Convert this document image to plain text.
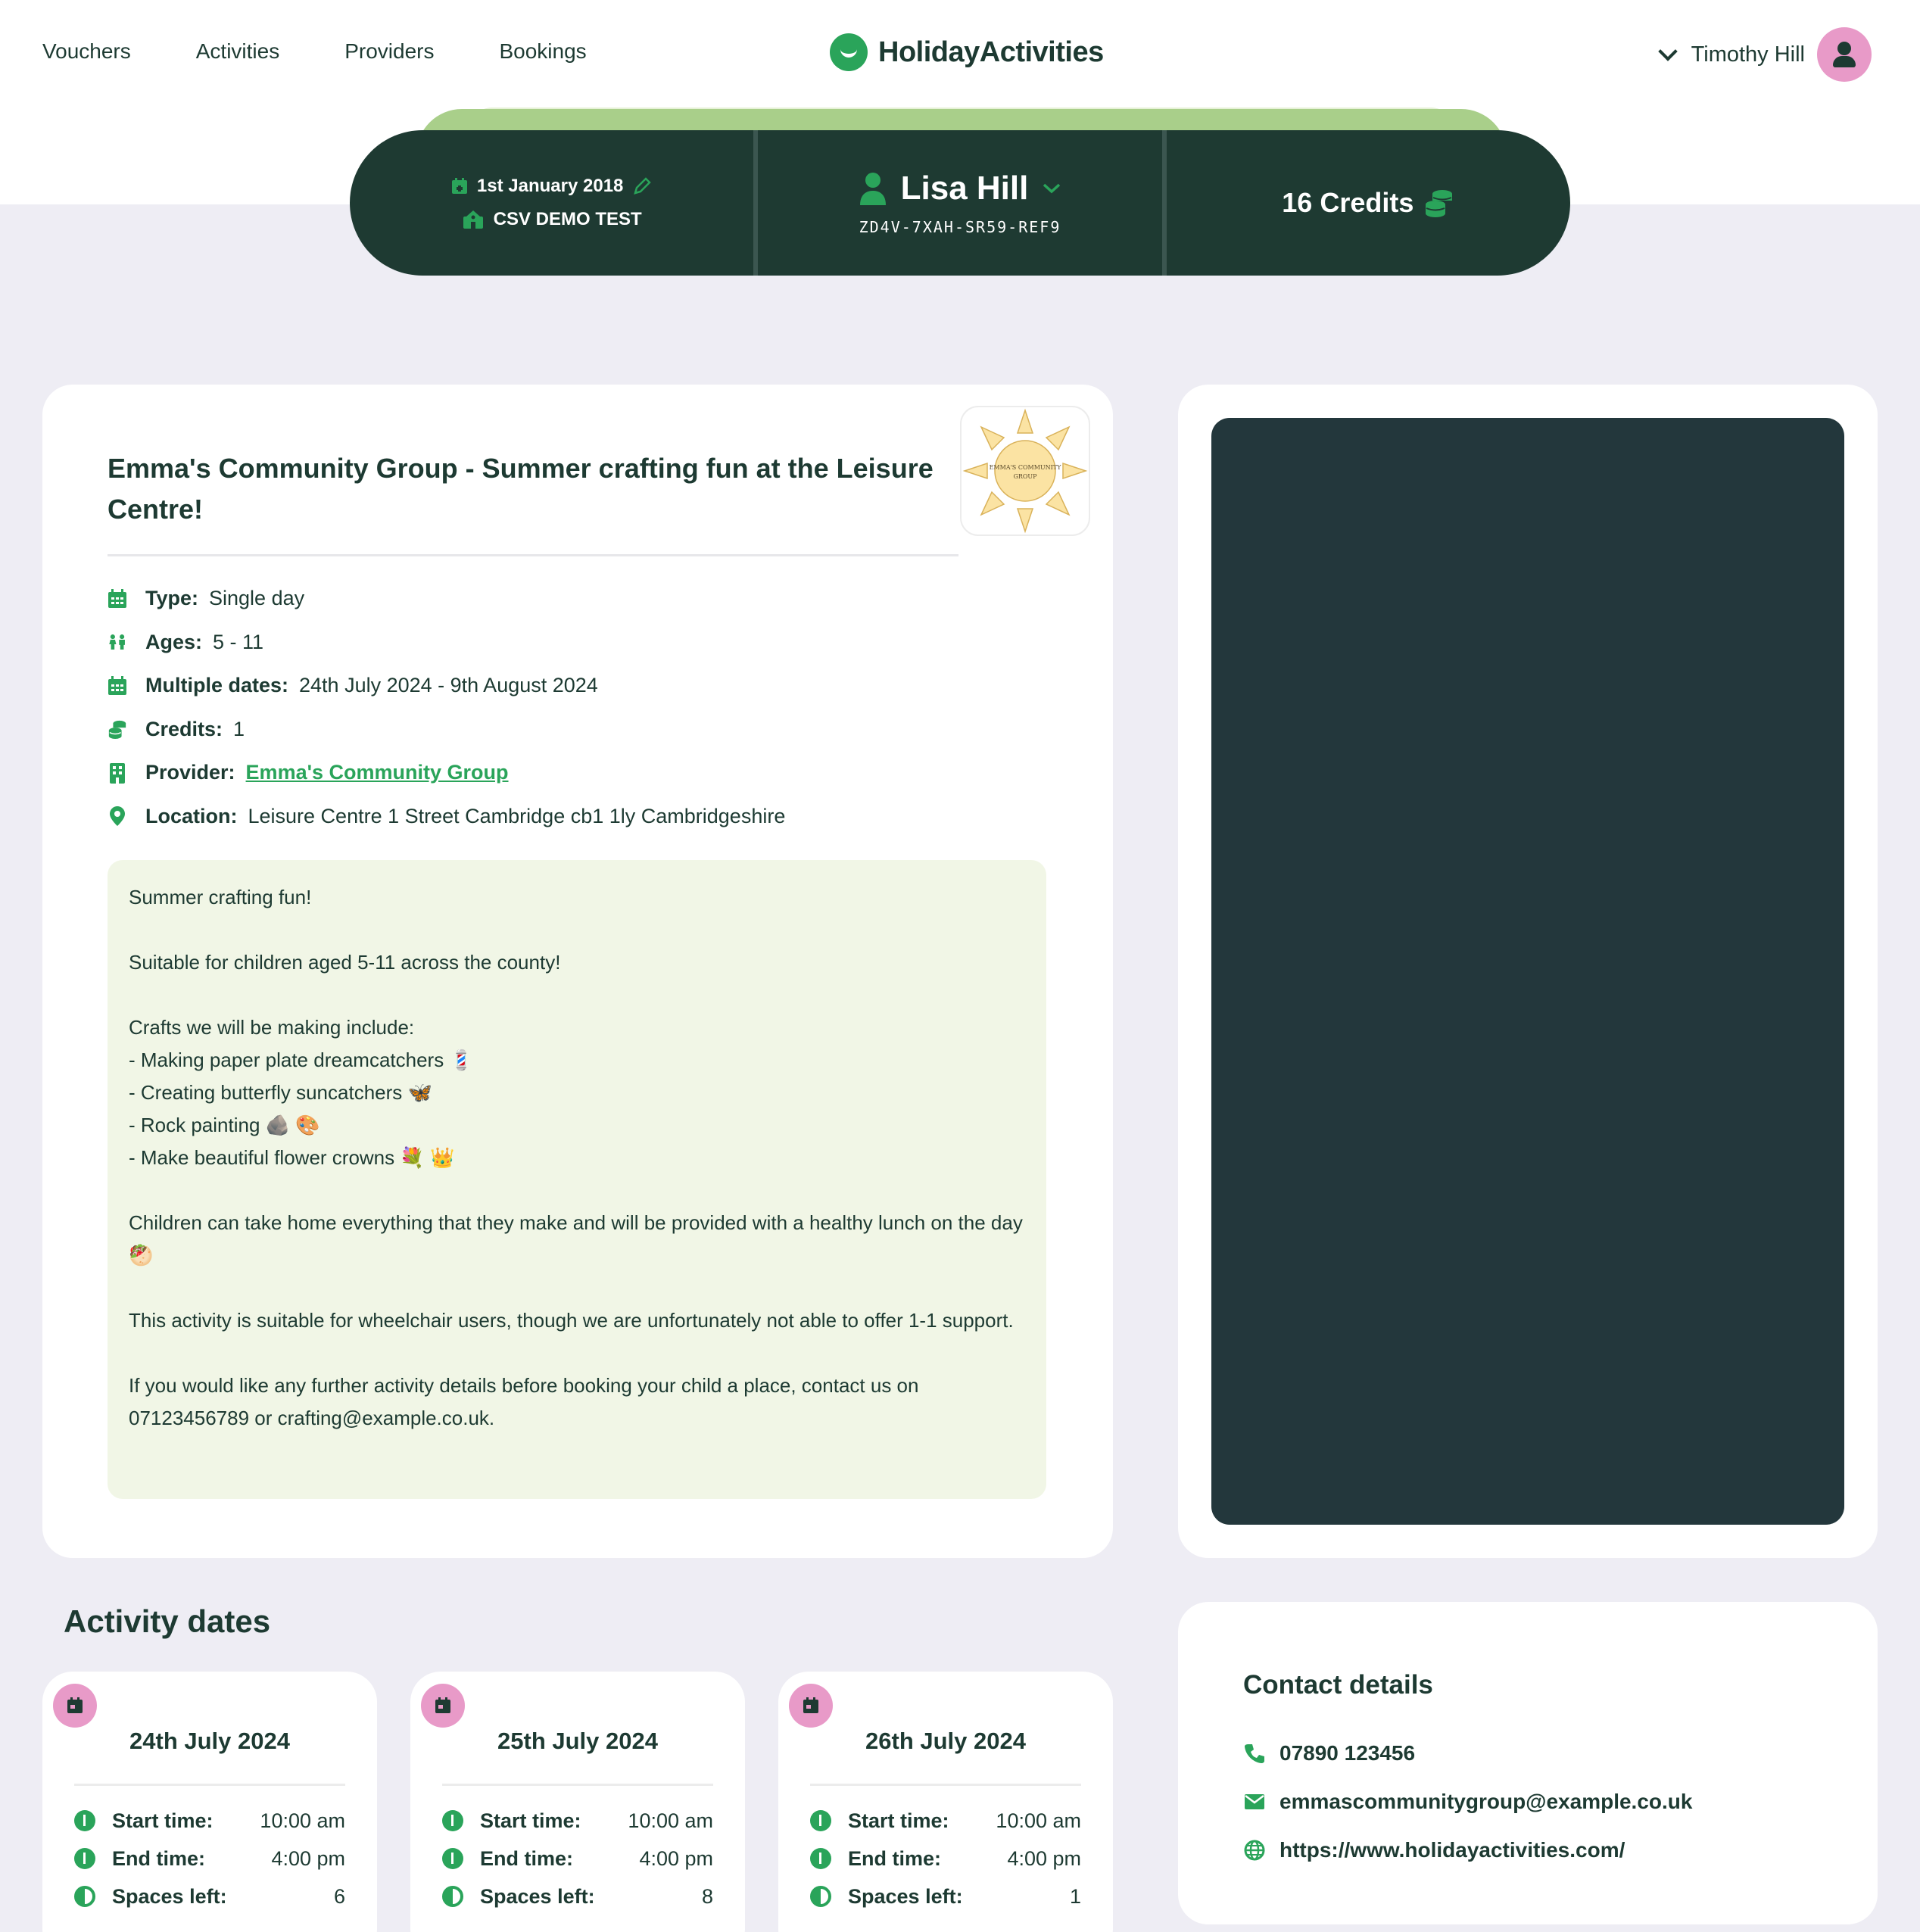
Vouchers	Activities	Providers	Bookings	HolidayActivities	Timothy Hill
1st January 2018
CSV DEMO TEST
Lisa Hill
ZD4V-7XAH-SR59-REF9
16 Credits
Emma's Community Group - Summer crafting fun at the Leisure Centre!
EMMA'S COMMUNITY
GROUP
Type: Single day
Ages: 5 - 11
Multiple dates: 24th July 2024 - 9th August 2024
Credits: 1
Provider: Emma's Community Group
Location: Leisure Centre 1 Street Cambridge cb1 1ly Cambridgeshire

Summer crafting fun!

Suitable for children aged 5-11 across the county!

Crafts we will be making include:

- Making paper plate dreamcatchers 💈

- Creating butterfly suncatchers 🦋

- Rock painting 🪨 🎨

- Make beautiful flower crowns 💐 👑

Children can take home everything that they make and will be provided with a healthy lunch on the day 🥙

This activity is suitable for wheelchair users, though we are unfortunately not able to offer 1-1 support.

If you would like any further activity details before booking your child a place, contact us on 07123456789 or crafting@example.co.uk.

Activity dates
24th July 2024
Start time:	10:00 am
End time:	4:00 pm
Spaces left:	6
25th July 2024
Start time:	10:00 am
End time:	4:00 pm
Spaces left:	8
26th July 2024
Start time:	10:00 am
End time:	4:00 pm
Spaces left:	1
Contact details
07890 123456
emmascommunitygroup@example.co.uk
https://www.holidayactivities.com/
